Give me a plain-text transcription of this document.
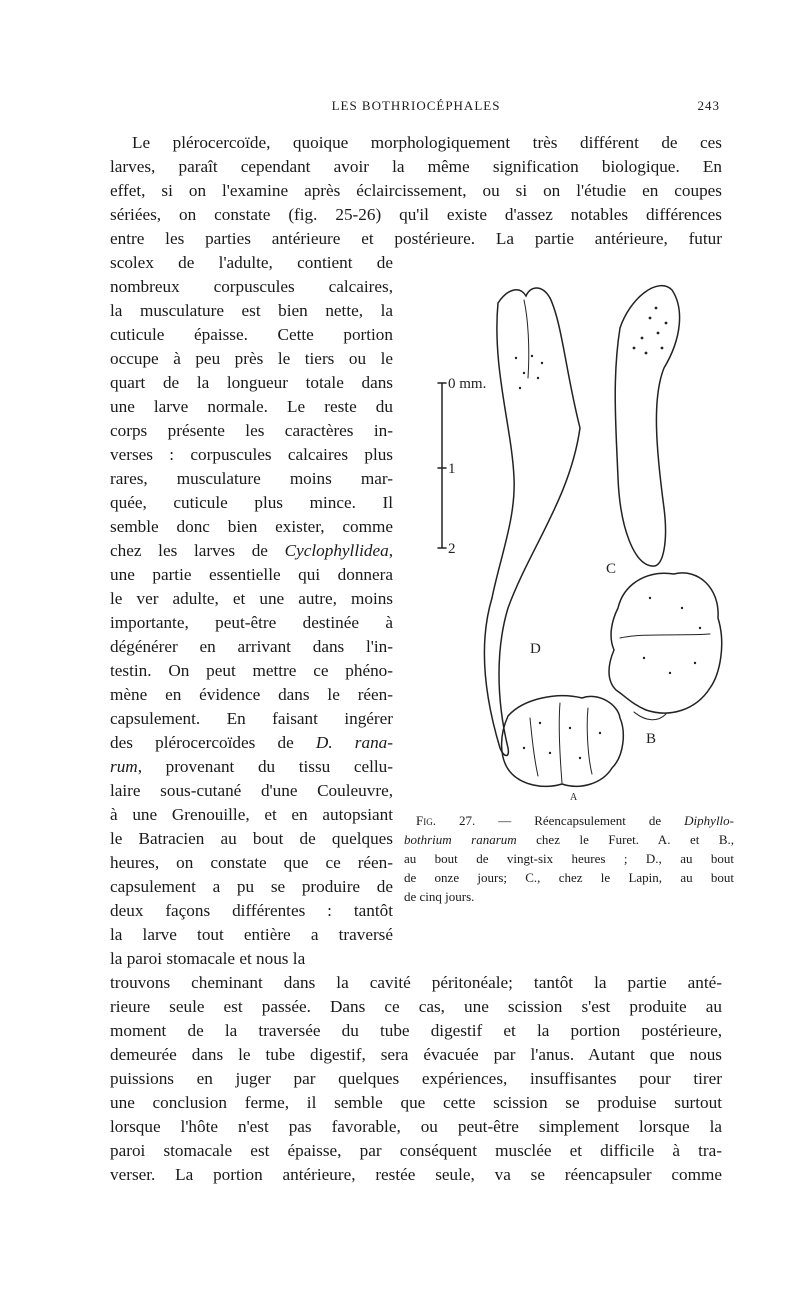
LES BOTHRIOCÉPHALES	243
Le plérocercoïde, quoique morphologiquement très différent de ces
larves, paraît cependant avoir la même signification biologique. En
effet, si on l'examine après éclaircissement, ou si on l'étudie en coupes
sériées, on constate (fig. 25-26) qu'il existe d'assez notables différences
entre les parties antérieure et postérieure. La partie antérieure, futur
scolex de l'adulte, contient de
nombreux corpuscules calcaires,
la musculature est bien nette, la
cuticule épaisse. Cette portion
occupe à peu près le tiers ou le
quart de la longueur totale dans
une larve normale. Le reste du
corps présente les caractères in-
verses : corpuscules calcaires plus
rares, musculature moins mar-
quée, cuticule plus mince. Il
semble donc bien exister, comme
chez les larves de Cyclophyllidea,
une partie essentielle qui donnera
le ver adulte, et une autre, moins
importante, peut-être destinée à
dégénérer en arrivant dans l'in-
testin. On peut mettre ce phéno-
mène en évidence dans le réen-
capsulement. En faisant ingérer
des plérocercoïdes de D. rana-
rum, provenant du tissu cellu-
laire sous-cutané d'une Couleuvre,
à une Grenouille, et en autopsiant
le Batracien au bout de quelques
heures, on constate que ce réen-
capsulement a pu se produire de
deux façons différentes : tantôt
la larve tout entière a traversé
la paroi stomacale et nous la
trouvons cheminant dans la cavité péritonéale; tantôt la partie anté-
rieure seule est passée. Dans ce cas, une scission s'est produite au
moment de la traversée du tube digestif et la portion postérieure,
demeurée dans le tube digestif, sera évacuée par l'anus. Autant que nous
puissions en juger par quelques expériences, insuffisantes pour tirer
une conclusion ferme, il semble que cette scission se produise surtout
lorsque l'hôte n'est pas favorable, ou peut-être simplement lorsque la
paroi stomacale est épaisse, par conséquent musclée et difficile à tra-
verser. La portion antérieure, restée seule, va se réencapsuler comme
0 mm.
1
2
C
D
B
A
Fig. 27. — Réencapsulement de Diphyllo-
bothrium ranarum chez le Furet. A. et B.,
au bout de vingt-six heures ; D., au bout
de onze jours; C., chez le Lapin, au bout
de cinq jours.
